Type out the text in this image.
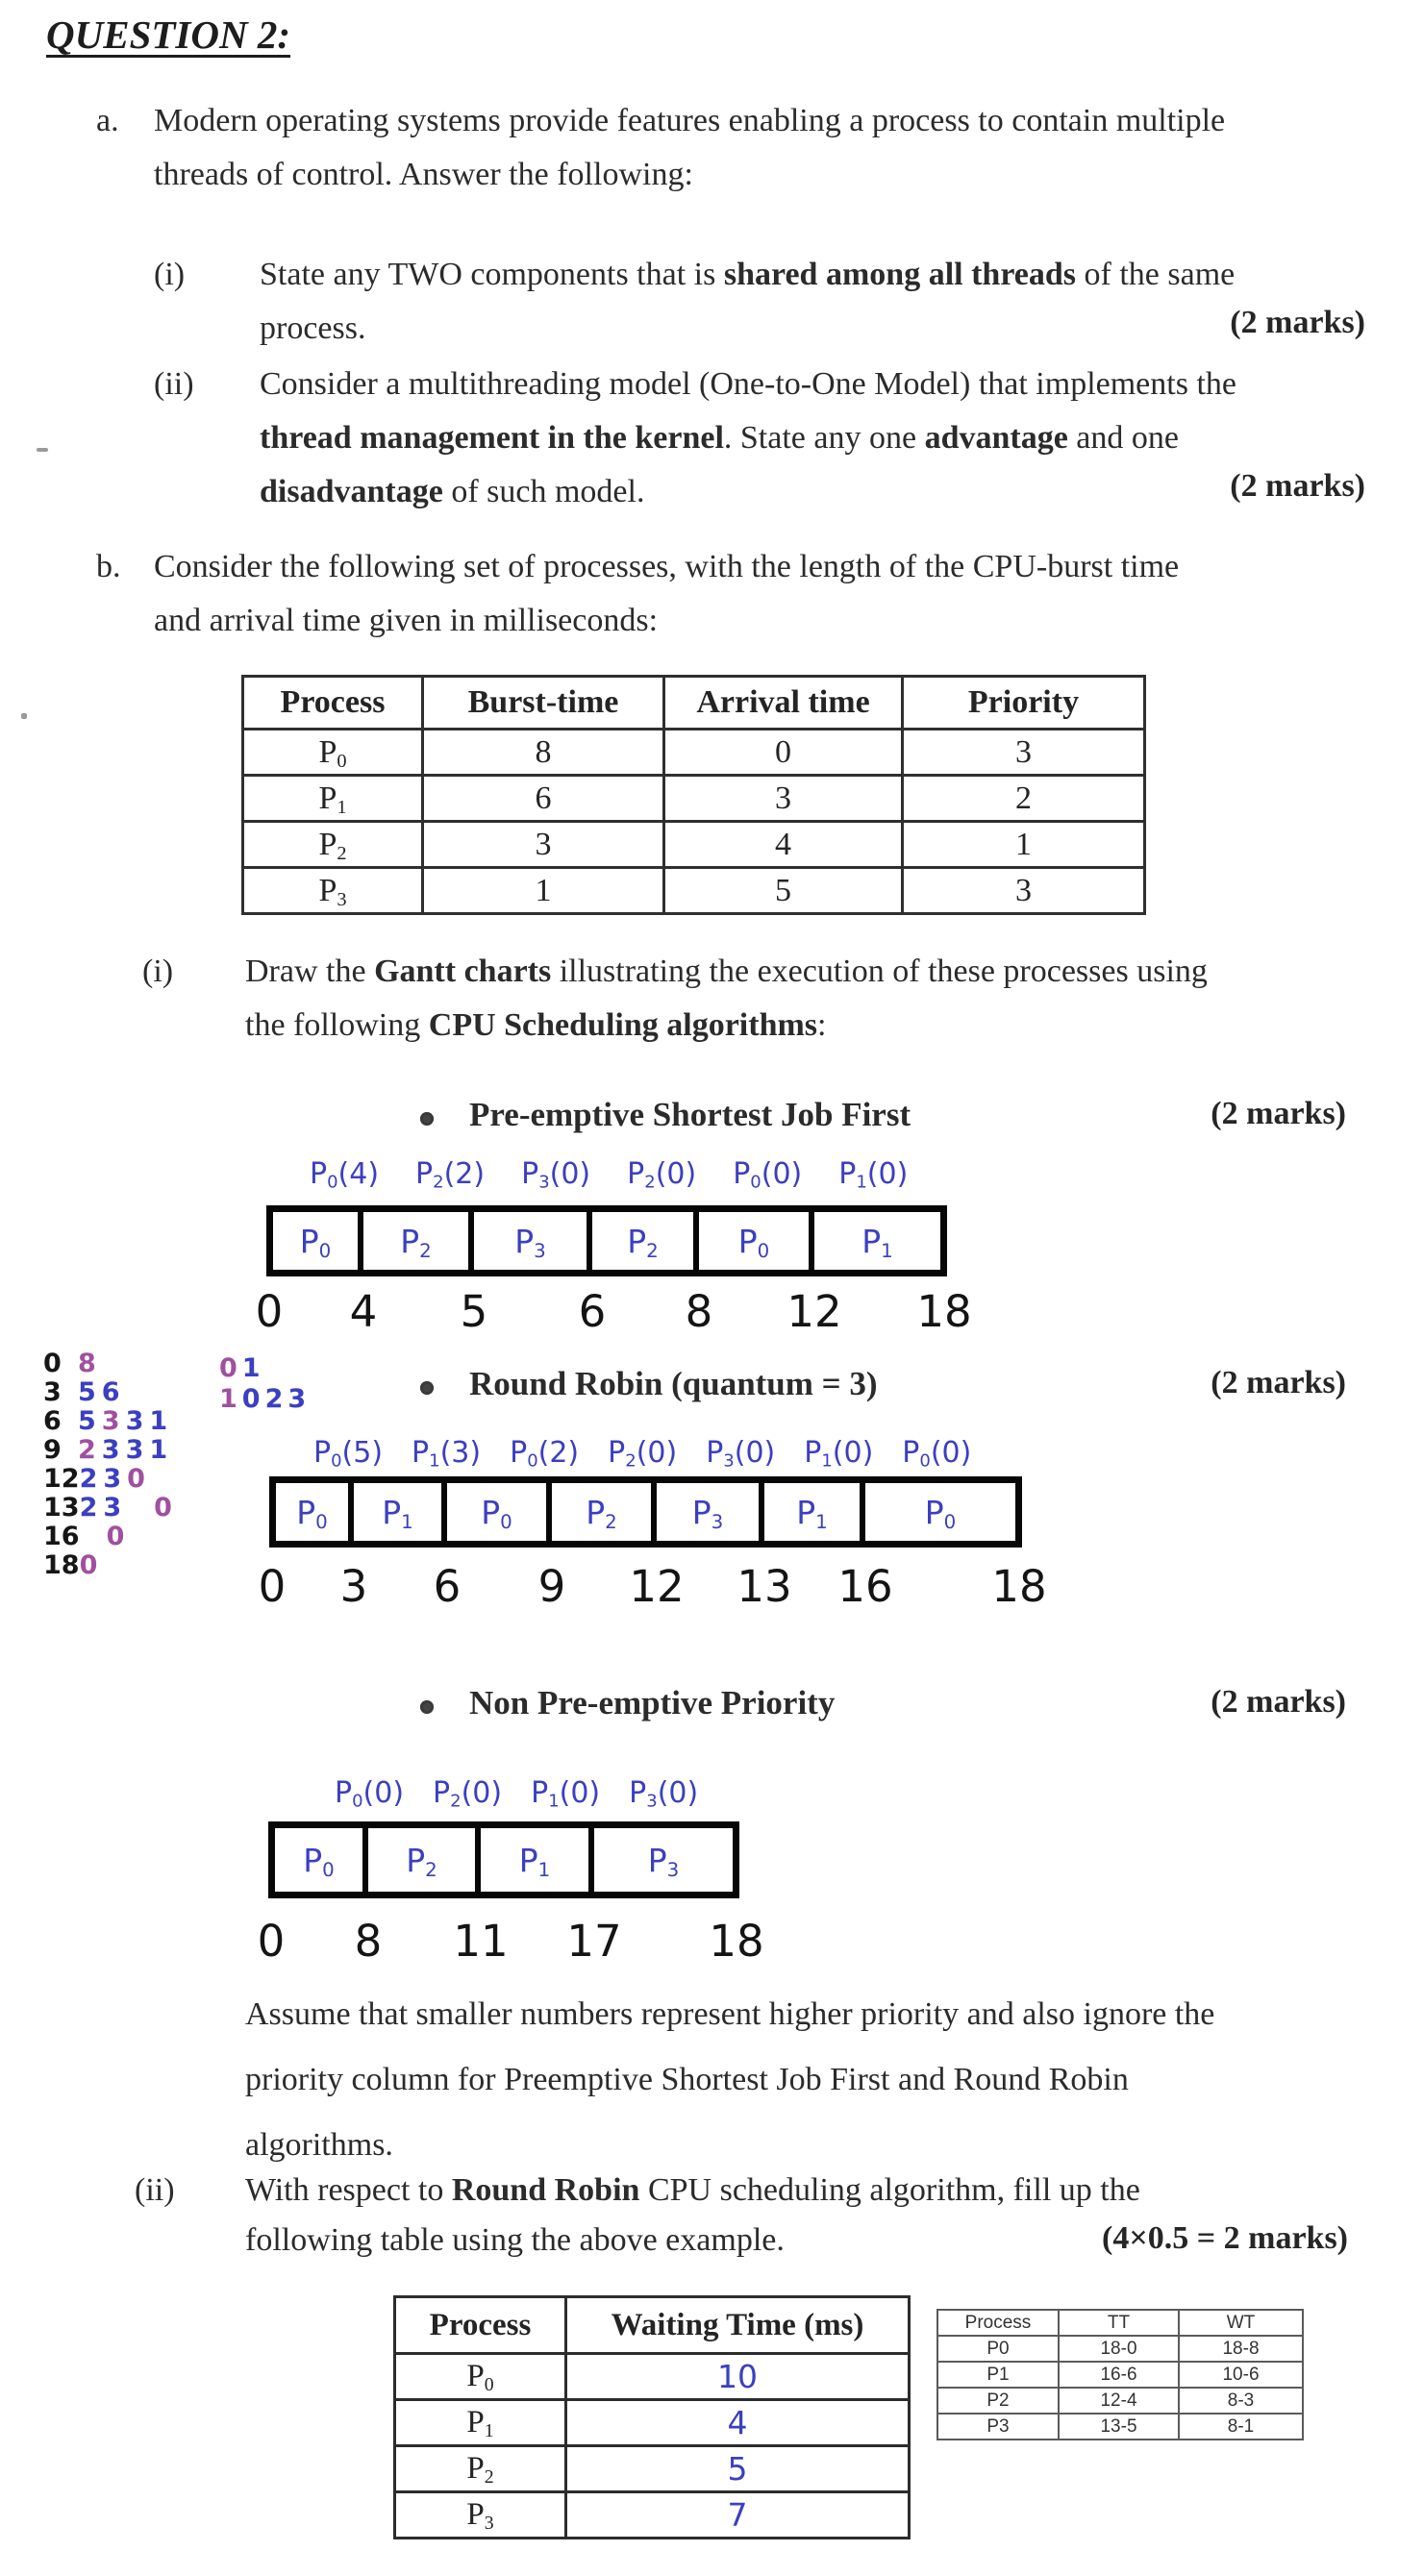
QUESTION 2:
a.	Modern operating systems provide features enabling a process to contain multiple
threads of control. Answer the following:
(i)	State any TWO components that is shared among all threads of the same
process.	(2 marks)
(ii)	Consider a multithreading model (One-to-One Model) that implements the
thread management in the kernel. State any one advantage and one
disadvantage of such model.	(2 marks)
b.	Consider the following set of processes, with the length of the CPU-burst time
and arrival time given in milliseconds:
Process	Burst-time	Arrival time	Priority
$P_0$	8	0	3
$P_1$	6	3	2
$P_2$	3	4	1
$P_3$	1	5	3
(i)	Draw the Gantt charts illustrating the execution of these processes using
the following CPU Scheduling algorithms:
Pre-emptive Shortest Job First	(2 marks)
$P_0(4)$ $P_2(2)$ $P_3(0)$ $P_2(0)$ $P_0(0)$ $P_1(0)$
$P_0$ $P_2$	$P_3$	$P_2$	$P_0$	$P_1$
0 4 5 6 8 12 18
0 8
3 5 6
6 5 3 3 1
9 2 3 3 1
12 2 3 0
13 2 3 0
16 0
18 0
0 1
1 0 2 3	Round Robin (quantum = 3)	(2 marks)
$P_0(5)$ $P_1(3)$ $P_0(2)$ $P_2(0)$ $P_3(0)$ $P_1(0)$ $P_0(0)$
$P_0$ $P_1$ $P_0$ $P_2$ $P_3$ $P_1$	$P_0$
0 3 6 9 12 13 16 18
Non Pre-emptive Priority	(2 marks)
$P_0(0)$ $P_2(0)$ $P_1(0)$ $P_3(0)$
$P_0$ $P_2$	$P_1$	$P_3$
0 8 11 17 18
Assume that smaller numbers represent higher priority and also ignore the
priority column for Preemptive Shortest Job First and Round Robin
algorithms.
(ii)	With respect to Round Robin CPU scheduling algorithm, fill up the
following table using the above example.	(4×0.5 = 2 marks)
Process	Waiting Time (ms)
$P_0$	10
$P_1$	4
$P_2$	5
$P_3$	7
Process	TT	WT
P0	18-0	18-8
P1	16-6	10-6
P2	12-4	8-3
P3	13-5	8-1
